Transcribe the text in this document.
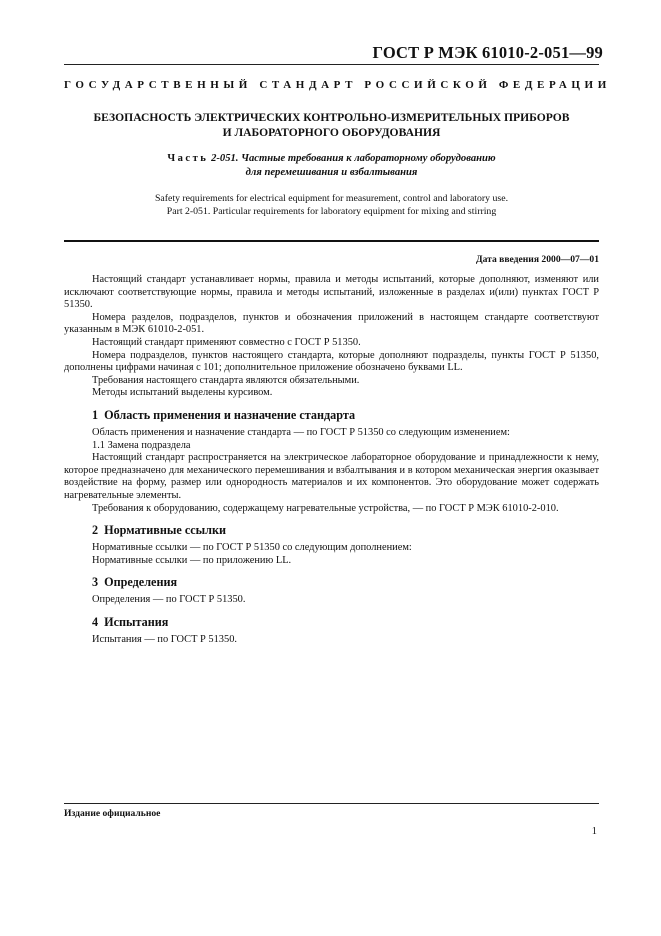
ГОСТ Р МЭК 61010-2-051—99
ГОСУДАРСТВЕННЫЙ СТАНДАРТ РОССИЙСКОЙ ФЕДЕРАЦИИ
БЕЗОПАСНОСТЬ ЭЛЕКТРИЧЕСКИХ КОНТРОЛЬНО-ИЗМЕРИТЕЛЬНЫХ ПРИБОРОВ
И ЛАБОРАТОРНОГО ОБОРУДОВАНИЯ
Часть 2-051. Частные требования к лабораторному оборудованию
для перемешивания и взбалтывания
Safety requirements for electrical equipment for measurement, control and laboratory use.
Part 2-051. Particular requirements for laboratory equipment for mixing and stirring
Дата введения 2000—07—01

Настоящий стандарт устанавливает нормы, правила и методы испытаний, которые дополняют, изменяют или исключают соответствующие нормы, правила и методы испытаний, изложенные в разделах и(или) пунктах ГОСТ Р 51350.

Номера разделов, подразделов, пунктов и обозначения приложений в настоящем стандарте соответствуют указанным в МЭК 61010-2-051.

Настоящий стандарт применяют совместно с ГОСТ Р 51350.

Номера подразделов, пунктов настоящего стандарта, которые дополняют подразделы, пункты ГОСТ Р 51350, дополнены цифрами начиная с 101; дополнительное приложение обозначено буквами LL.

Требования настоящего стандарта являются обязательными.

Методы испытаний выделены курсивом.

1 Область применения и назначение стандарта

Область применения и назначение стандарта — по ГОСТ Р 51350 со следующим изменением:

1.1 Замена подраздела

Настоящий стандарт распространяется на электрическое лабораторное оборудование и принадлежности к нему, которое предназначено для механического перемешивания и взбалтывания и в котором механическая энергия оказывает воздействие на форму, размер или однородность материалов и их компонентов. Это оборудование может содержать нагревательные элементы.

Требования к оборудованию, содержащему нагревательные устройства, — по ГОСТ Р МЭК 61010-2-010.

2 Нормативные ссылки

Нормативные ссылки — по ГОСТ Р 51350 со следующим дополнением:

Нормативные ссылки — по приложению LL.

3 Определения

Определения — по ГОСТ Р 51350.

4 Испытания

Испытания — по ГОСТ Р 51350.

Издание официальное
1
